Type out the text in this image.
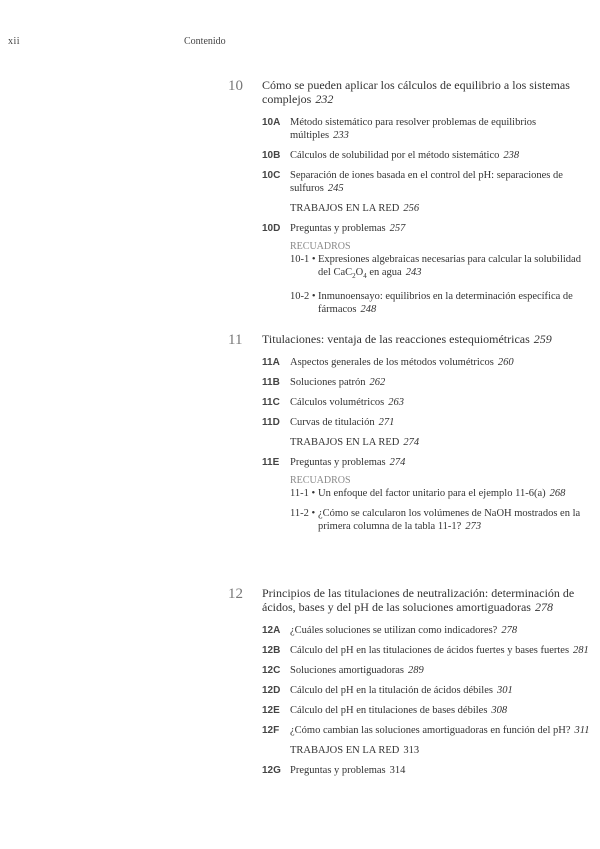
xii	Contenido
10 Cómo se pueden aplicar los cálculos de equilibrio a los sistemas complejos 232
10A Método sistemático para resolver problemas de equilibrios múltiples 233
10B Cálculos de solubilidad por el método sistemático 238
10C Separación de iones basada en el control del pH: separaciones de sulfuros 245
TRABAJOS EN LA RED 256
10D Preguntas y problemas 257
RECUADROS
10-1 • Expresiones algebraicas necesarias para calcular la solubilidad del $CaC_2O_4$ en agua 243
10-2 • Inmunoensayo: equilibrios en la determinación específica de fármacos 248
11 Titulaciones: ventaja de las reacciones estequiométricas 259
11A Aspectos generales de los métodos volumétricos 260
11B Soluciones patrón 262
11C Cálculos volumétricos 263
11D Curvas de titulación 271
TRABAJOS EN LA RED 274
11E Preguntas y problemas 274
RECUADROS
11-1 • Un enfoque del factor unitario para el ejemplo 11-6(a) 268
11-2 • ¿Cómo se calcularon los volúmenes de NaOH mostrados en la primera columna de la tabla 11-1? 273
12 Principios de las titulaciones de neutralización: determinación de ácidos, bases y del pH de las soluciones amortiguadoras 278
12A ¿Cuáles soluciones se utilizan como indicadores? 278
12B Cálculo del pH en las titulaciones de ácidos fuertes y bases fuertes 281
12C Soluciones amortiguadoras 289
12D Cálculo del pH en la titulación de ácidos débiles 301
12E Cálculo del pH en titulaciones de bases débiles 308
12F ¿Cómo cambian las soluciones amortiguadoras en función del pH? 311
TRABAJOS EN LA RED 313
12G Preguntas y problemas 314
